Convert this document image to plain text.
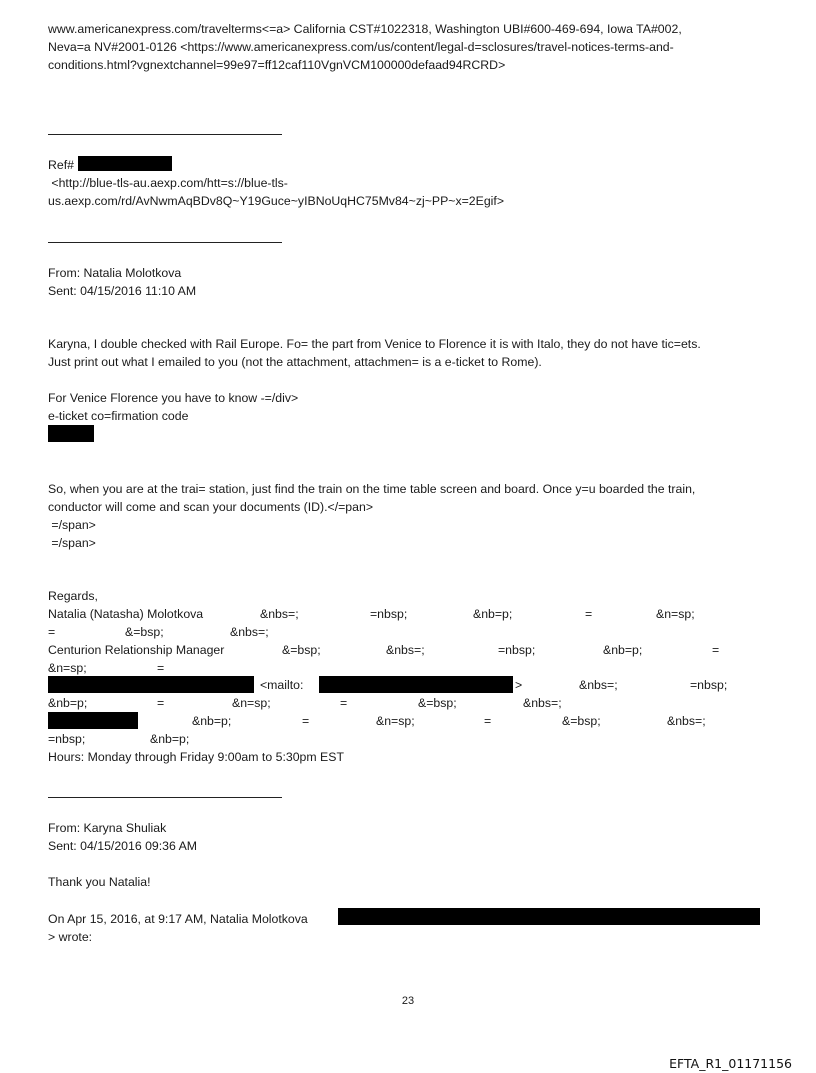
www.americanexpress.com/travelterms<=a> California CST#1022318, Washington UBI#600-469-694, Iowa TA#002,
Neva=a NV#2001-0126 <https://www.americanexpress.com/us/content/legal-d=sclosures/travel-notices-terms-and-
conditions.html?vgnextchannel=99e97=ff12caf110VgnVCM100000defaad94RCRD>
Ref#
<http://blue-tls-au.aexp.com/htt=s://blue-tls-
us.aexp.com/rd/AvNwmAqBDv8Q~Y19Guce~yIBNoUqHC75Mv84~zj~PP~x=2Egif>
From: Natalia Molotkova
Sent: 04/15/2016 11:10 AM
Karyna, I double checked with Rail Europe. Fo= the part from Venice to Florence it is with Italo, they do not have tic=ets.
Just print out what I emailed to you (not the attachment, attachmen= is a e-ticket to Rome).
For Venice Florence you have to know -=/div>
e-ticket co=firmation code
So, when you are at the trai= station, just find the train on the time table screen and board. Once y=u boarded the train,
conductor will come and scan your documents (ID).</=pan>
=/span>
=/span>
Regards,
Natalia (Natasha) Molotkova	&nbs=;	=nbsp;	&nb=p;	=	&n=sp;
=	&=bsp;	&nbs=;
Centurion Relationship Manager	&=bsp;	&nbs=;	=nbsp;	&nb=p;	=
&n=sp;	=
<mailto:	>	&nbs=;	=nbsp;
&nb=p;	=	&n=sp;	=	&=bsp;	&nbs=;
&nb=p;	=	&n=sp;	=	&=bsp;	&nbs=;
=nbsp;	&nb=p;
Hours: Monday through Friday 9:00am to 5:30pm EST
From: Karyna Shuliak
Sent: 04/15/2016 09:36 AM
Thank you Natalia!
On Apr 15, 2016, at 9:17 AM, Natalia Molotkova
> wrote:
23
EFTA_R1_01171156
